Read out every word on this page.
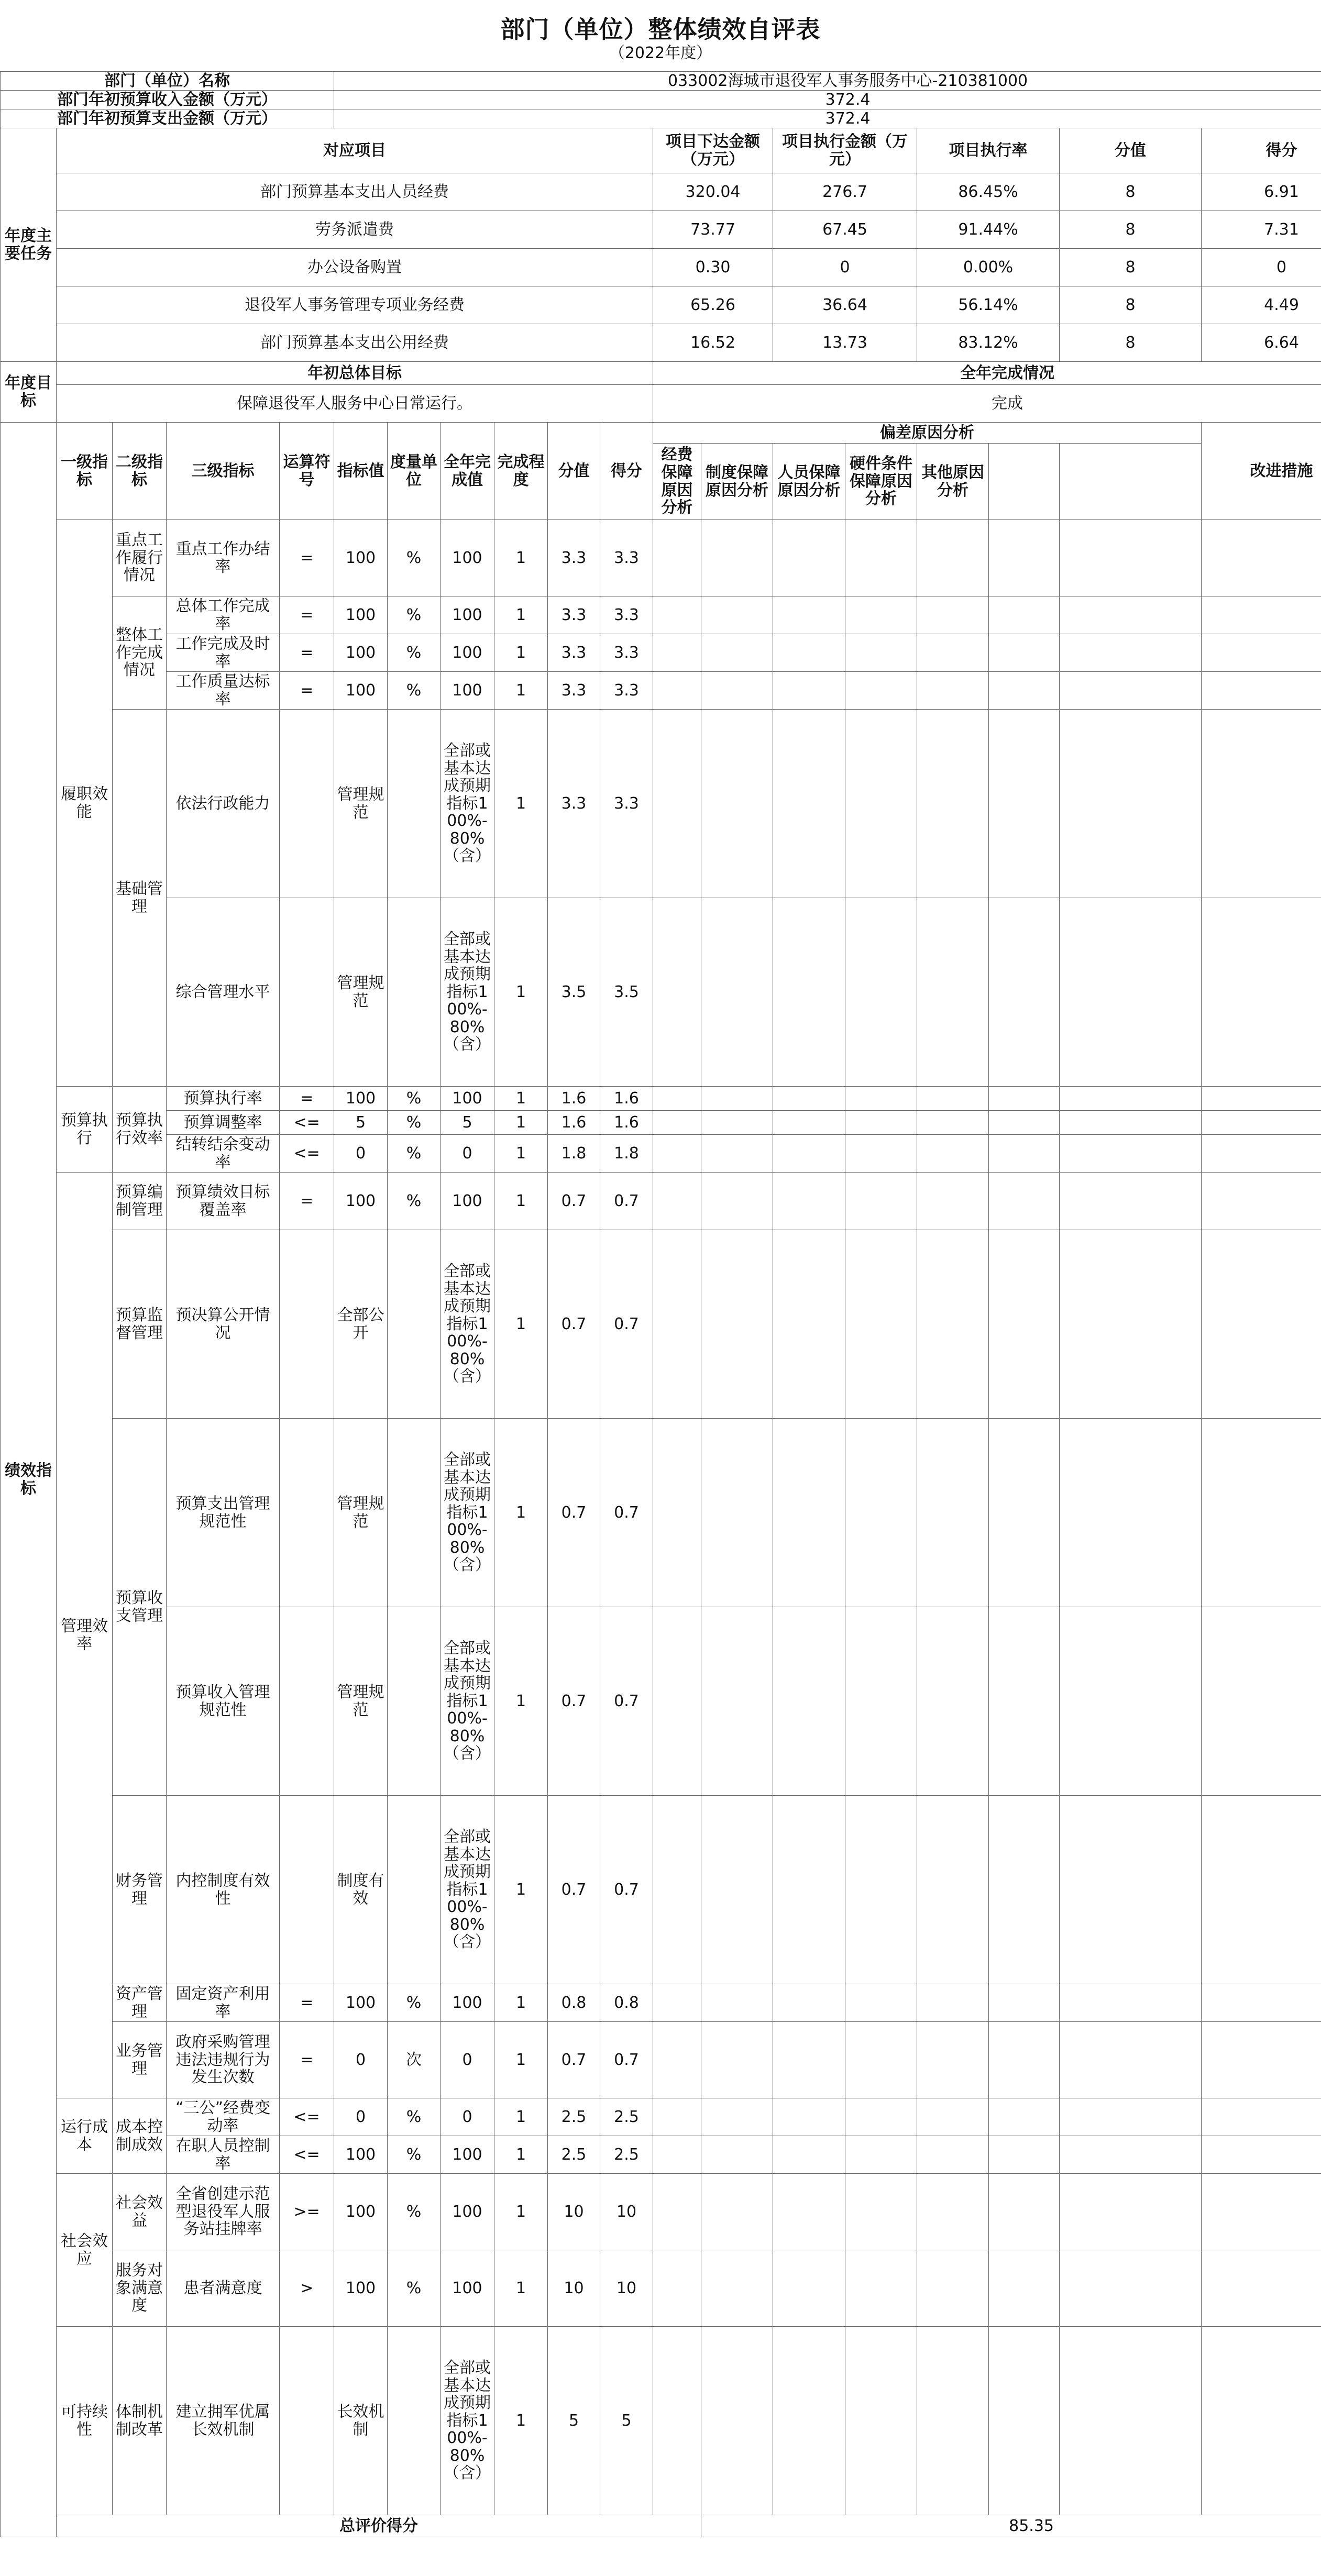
部门（单位）整体绩效自评表
（2022年度）
部门（单位）名称					033002海城市退役军人事务服务中心-210381000													
部门年初预算收入金额（万元）					372.4													
部门年初预算支出金额（万元）					372.4													
年度主要任务	对应项目										项目下达金额（万元）		项目执行金额（万元）		项目执行率		分值	得分
	部门预算基本支出人员经费										320.04		276.7		86.45%		8	6.91
	劳务派遣费										73.77		67.45		91.44%		8	7.31
	办公设备购置										0.30		0		0.00%		8	0
	退役军人事务管理专项业务经费										65.26		36.64		56.14%		8	4.49
	部门预算基本支出公用经费										16.52		13.73		83.12%		8	6.64
年度目标	年初总体目标										全年完成情况							
	保障退役军人服务中心日常运行。										完成							
绩效指标	一级指标	二级指标	三级指标	运算符号	指标值	度量单位	全年完成值	完成程度	分值	得分	偏差原因分析							改进措施
											经费保障原因分析	制度保障原因分析	人员保障原因分析	硬件条件保障原因分析	其他原因分析			
	履职效能	重点工作履行情况	重点工作办结率	=	100	%	100	1	3.3	3.3								
		整体工作完成情况	总体工作完成率	=	100	%	100	1	3.3	3.3								
			工作完成及时率	=	100	%	100	1	3.3	3.3								
			工作质量达标率	=	100	%	100	1	3.3	3.3								
		基础管理	依法行政能力		管理规范		全部或基本达成预期指标100%-80%（含）	1	3.3	3.3								
			综合管理水平		管理规范		全部或基本达成预期指标100%-80%（含）	1	3.5	3.5								
	预算执行	预算执行效率	预算执行率	=	100	%	100	1	1.6	1.6								
			预算调整率	<=	5	%	5	1	1.6	1.6								
			结转结余变动率	<=	0	%	0	1	1.8	1.8								
	管理效率	预算编制管理	预算绩效目标覆盖率	=	100	%	100	1	0.7	0.7								
		预算监督管理	预决算公开情况		全部公开		全部或基本达成预期指标100%-80%（含）	1	0.7	0.7								
		预算收支管理	预算支出管理规范性		管理规范		全部或基本达成预期指标100%-80%（含）	1	0.7	0.7								
			预算收入管理规范性		管理规范		全部或基本达成预期指标100%-80%（含）	1	0.7	0.7								
		财务管理	内控制度有效性		制度有效		全部或基本达成预期指标100%-80%（含）	1	0.7	0.7								
		资产管理	固定资产利用率	=	100	%	100	1	0.8	0.8								
		业务管理	政府采购管理违法违规行为发生次数	=	0	次	0	1	0.7	0.7								
	运行成本	成本控制成效	“三公”经费变动率	<=	0	%	0	1	2.5	2.5								
			在职人员控制率	<=	100	%	100	1	2.5	2.5								
	社会效应	社会效益	全省创建示范型退役军人服务站挂牌率	>=	100	%	100	1	10	10								
		服务对象满意度	患者满意度	>	100	%	100	1	10	10								
	可持续性	体制机制改革	建立拥军优属长效机制		长效机制		全部或基本达成预期指标100%-80%（含）	1	5	5								
	总评价得分											85.35						
